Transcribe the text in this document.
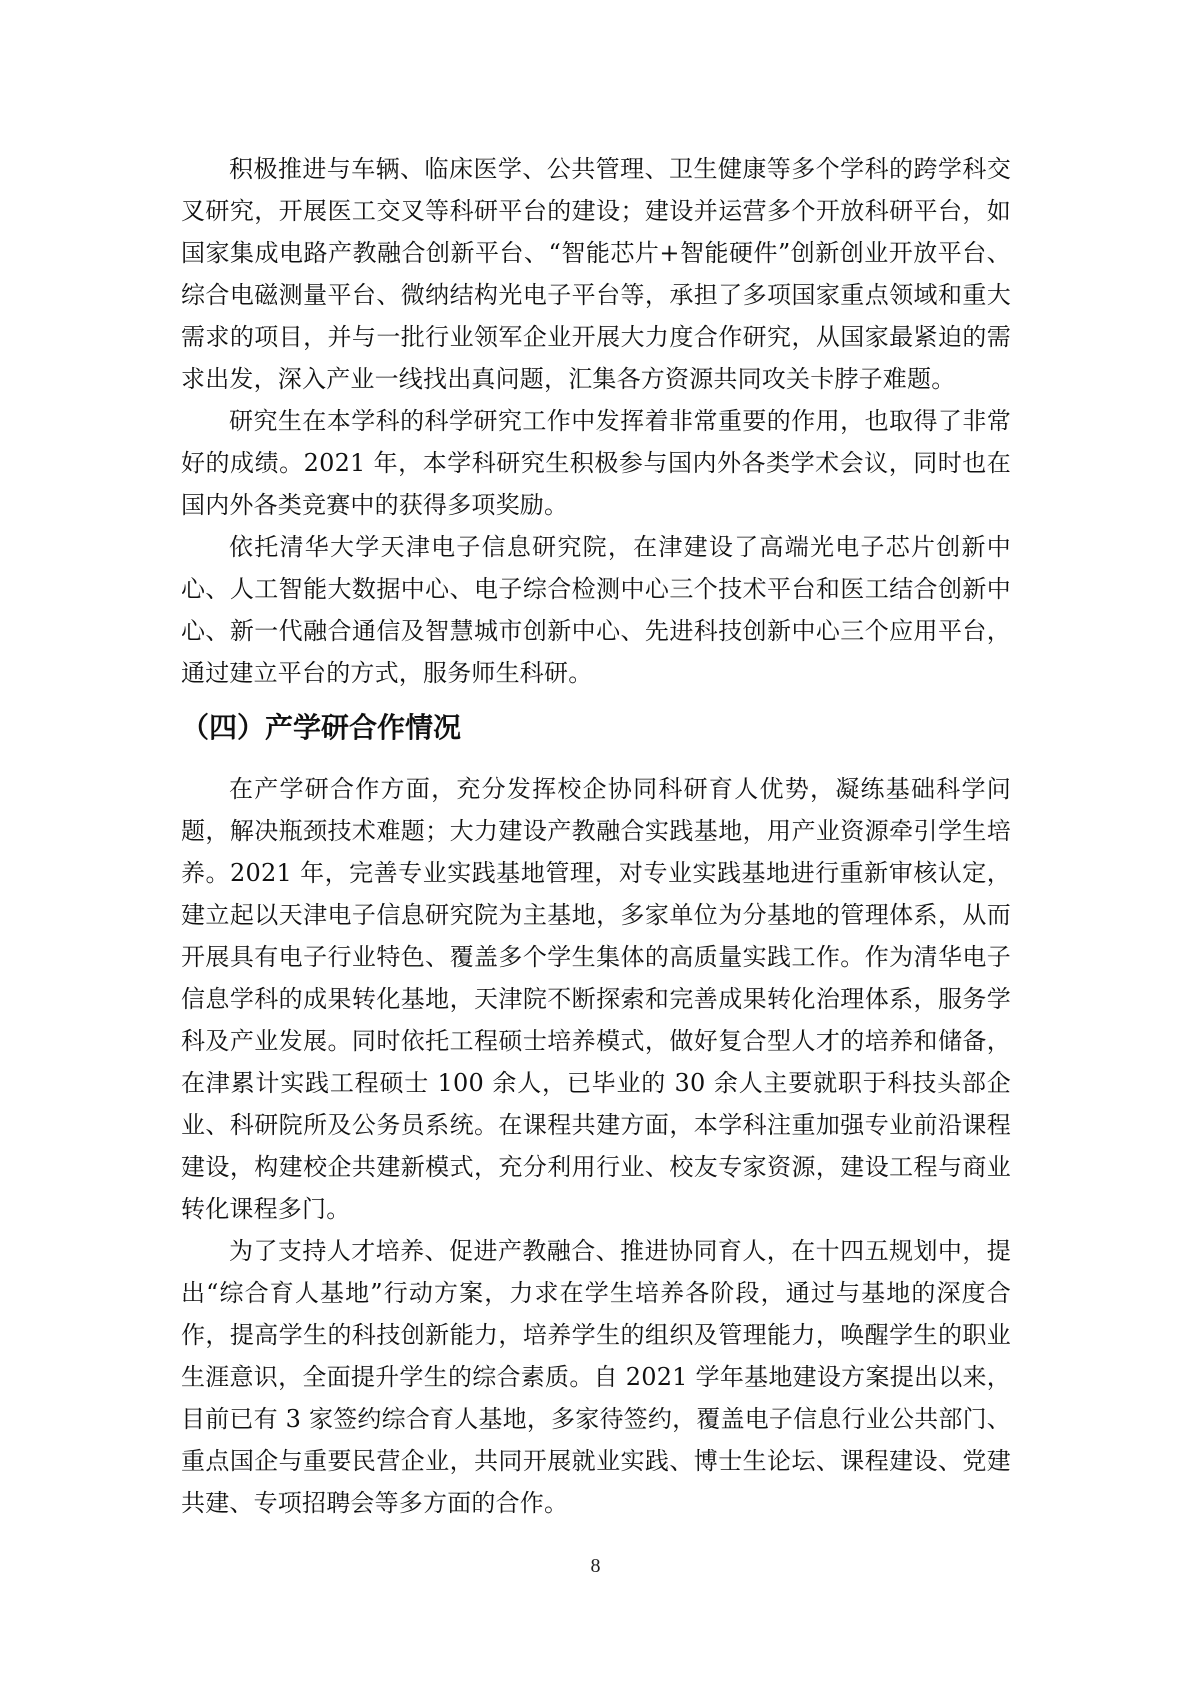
积极推进与车辆、临床医学、公共管理、卫生健康等多个学科的跨学科交叉研究，开展医工交叉等科研平台的建设；建设并运营多个开放科研平台，如国家集成电路产教融合创新平台、“智能芯片+智能硬件”创新创业开放平台、综合电磁测量平台、微纳结构光电子平台等，承担了多项国家重点领域和重大需求的项目，并与一批行业领军企业开展大力度合作研究，从国家最紧迫的需求出发，深入产业一线找出真问题，汇集各方资源共同攻关卡脖子难题。

研究生在本学科的科学研究工作中发挥着非常重要的作用，也取得了非常好的成绩。2021 年，本学科研究生积极参与国内外各类学术会议，同时也在国内外各类竞赛中的获得多项奖励。

依托清华大学天津电子信息研究院，在津建设了高端光电子芯片创新中心、人工智能大数据中心、电子综合检测中心三个技术平台和医工结合创新中心、新一代融合通信及智慧城市创新中心、先进科技创新中心三个应用平台，通过建立平台的方式，服务师生科研。

（四）产学研合作情况

在产学研合作方面，充分发挥校企协同科研育人优势，凝练基础科学问题，解决瓶颈技术难题；大力建设产教融合实践基地，用产业资源牵引学生培养。2021 年，完善专业实践基地管理，对专业实践基地进行重新审核认定，建立起以天津电子信息研究院为主基地，多家单位为分基地的管理体系，从而开展具有电子行业特色、覆盖多个学生集体的高质量实践工作。作为清华电子信息学科的成果转化基地，天津院不断探索和完善成果转化治理体系，服务学科及产业发展。同时依托工程硕士培养模式，做好复合型人才的培养和储备，在津累计实践工程硕士 100 余人，已毕业的 30 余人主要就职于科技头部企业、科研院所及公务员系统。在课程共建方面，本学科注重加强专业前沿课程建设，构建校企共建新模式，充分利用行业、校友专家资源，建设工程与商业转化课程多门。

为了支持人才培养、促进产教融合、推进协同育人，在十四五规划中，提出“综合育人基地”行动方案，力求在学生培养各阶段，通过与基地的深度合作，提高学生的科技创新能力，培养学生的组织及管理能力，唤醒学生的职业生涯意识，全面提升学生的综合素质。自 2021 学年基地建设方案提出以来，目前已有 3 家签约综合育人基地，多家待签约，覆盖电子信息行业公共部门、重点国企与重要民营企业，共同开展就业实践、博士生论坛、课程建设、党建共建、专项招聘会等多方面的合作。

8
